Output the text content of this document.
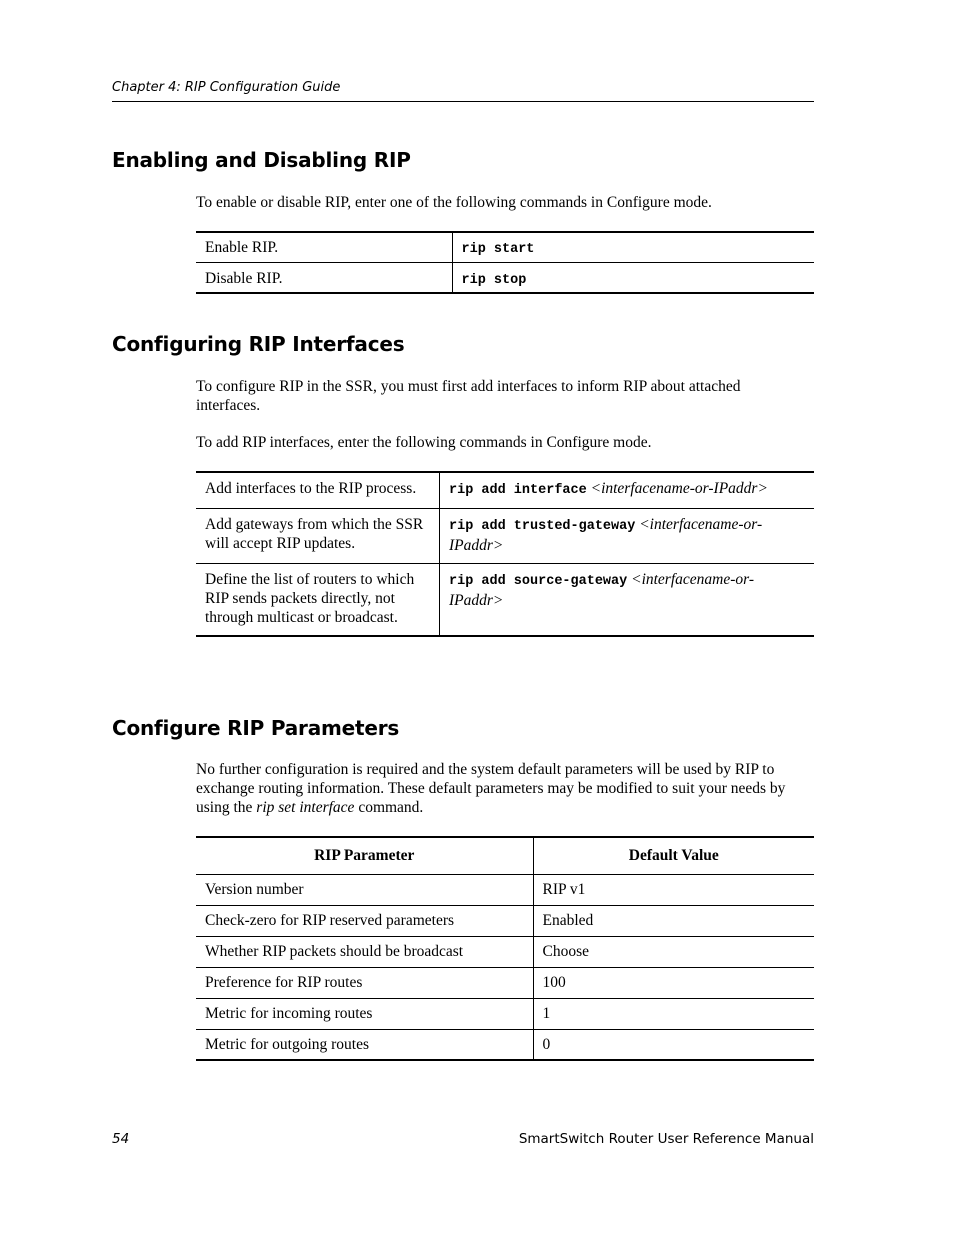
Chapter 4: RIP Configuration Guide
Enabling and Disabling RIP

To enable or disable RIP, enter one of the following commands in Configure mode.

Enable RIP.	rip start
Disable RIP.	rip stop
Configuring RIP Interfaces

To configure RIP in the SSR, you must first add interfaces to inform RIP about attached interfaces.

To add RIP interfaces, enter the following commands in Configure mode.

Add interfaces to the RIP process.	rip add interface <interfacename-or-IPaddr>
Add gateways from which the SSR will accept RIP updates.	rip add trusted-gateway <interfacename-or-IPaddr>
Define the list of routers to which RIP sends packets directly, not through multicast or broadcast.	rip add source-gateway <interfacename-or-IPaddr>
Configure RIP Parameters

No further configuration is required and the system default parameters will be used by RIP to exchange routing information. These default parameters may be modified to suit your needs by using the rip set interface command.

RIP Parameter	Default Value
Version number	RIP v1
Check-zero for RIP reserved parameters	Enabled
Whether RIP packets should be broadcast	Choose
Preference for RIP routes	100
Metric for incoming routes	1
Metric for outgoing routes	0
54	SmartSwitch Router User Reference Manual
